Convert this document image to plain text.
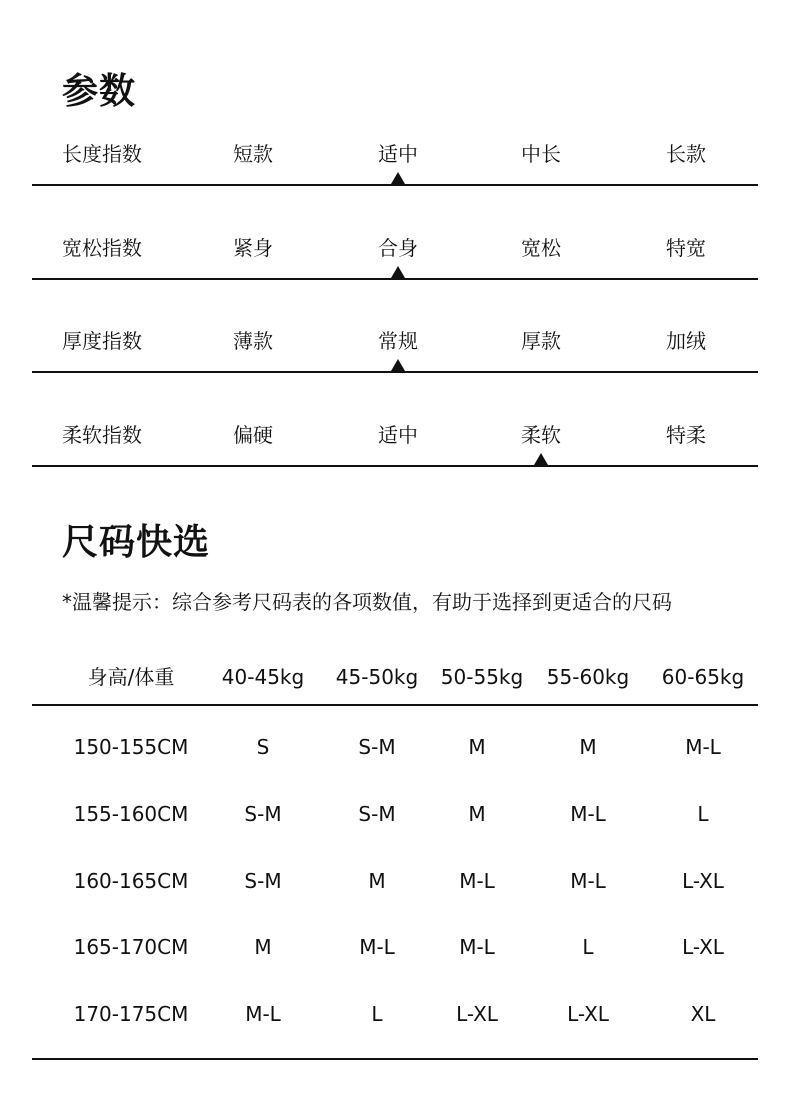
参数
长度指数	短款	适中	中长	长款
宽松指数	紧身	合身	宽松	特宽
厚度指数	薄款	常规	厚款	加绒
柔软指数	偏硬	适中	柔软	特柔
尺码快选

*温馨提示：综合参考尺码表的各项数值，有助于选择到更适合的尺码

身高/体重	40-45kg	45-50kg	50-55kg	55-60kg	60-65kg
150-155CM	S	S-M	M	M	M-L
155-160CM	S-M	S-M	M	M-L	L
160-165CM	S-M	M	M-L	M-L	L-XL
165-170CM	M	M-L	M-L	L	L-XL
170-175CM	M-L	L	L-XL	L-XL	XL
